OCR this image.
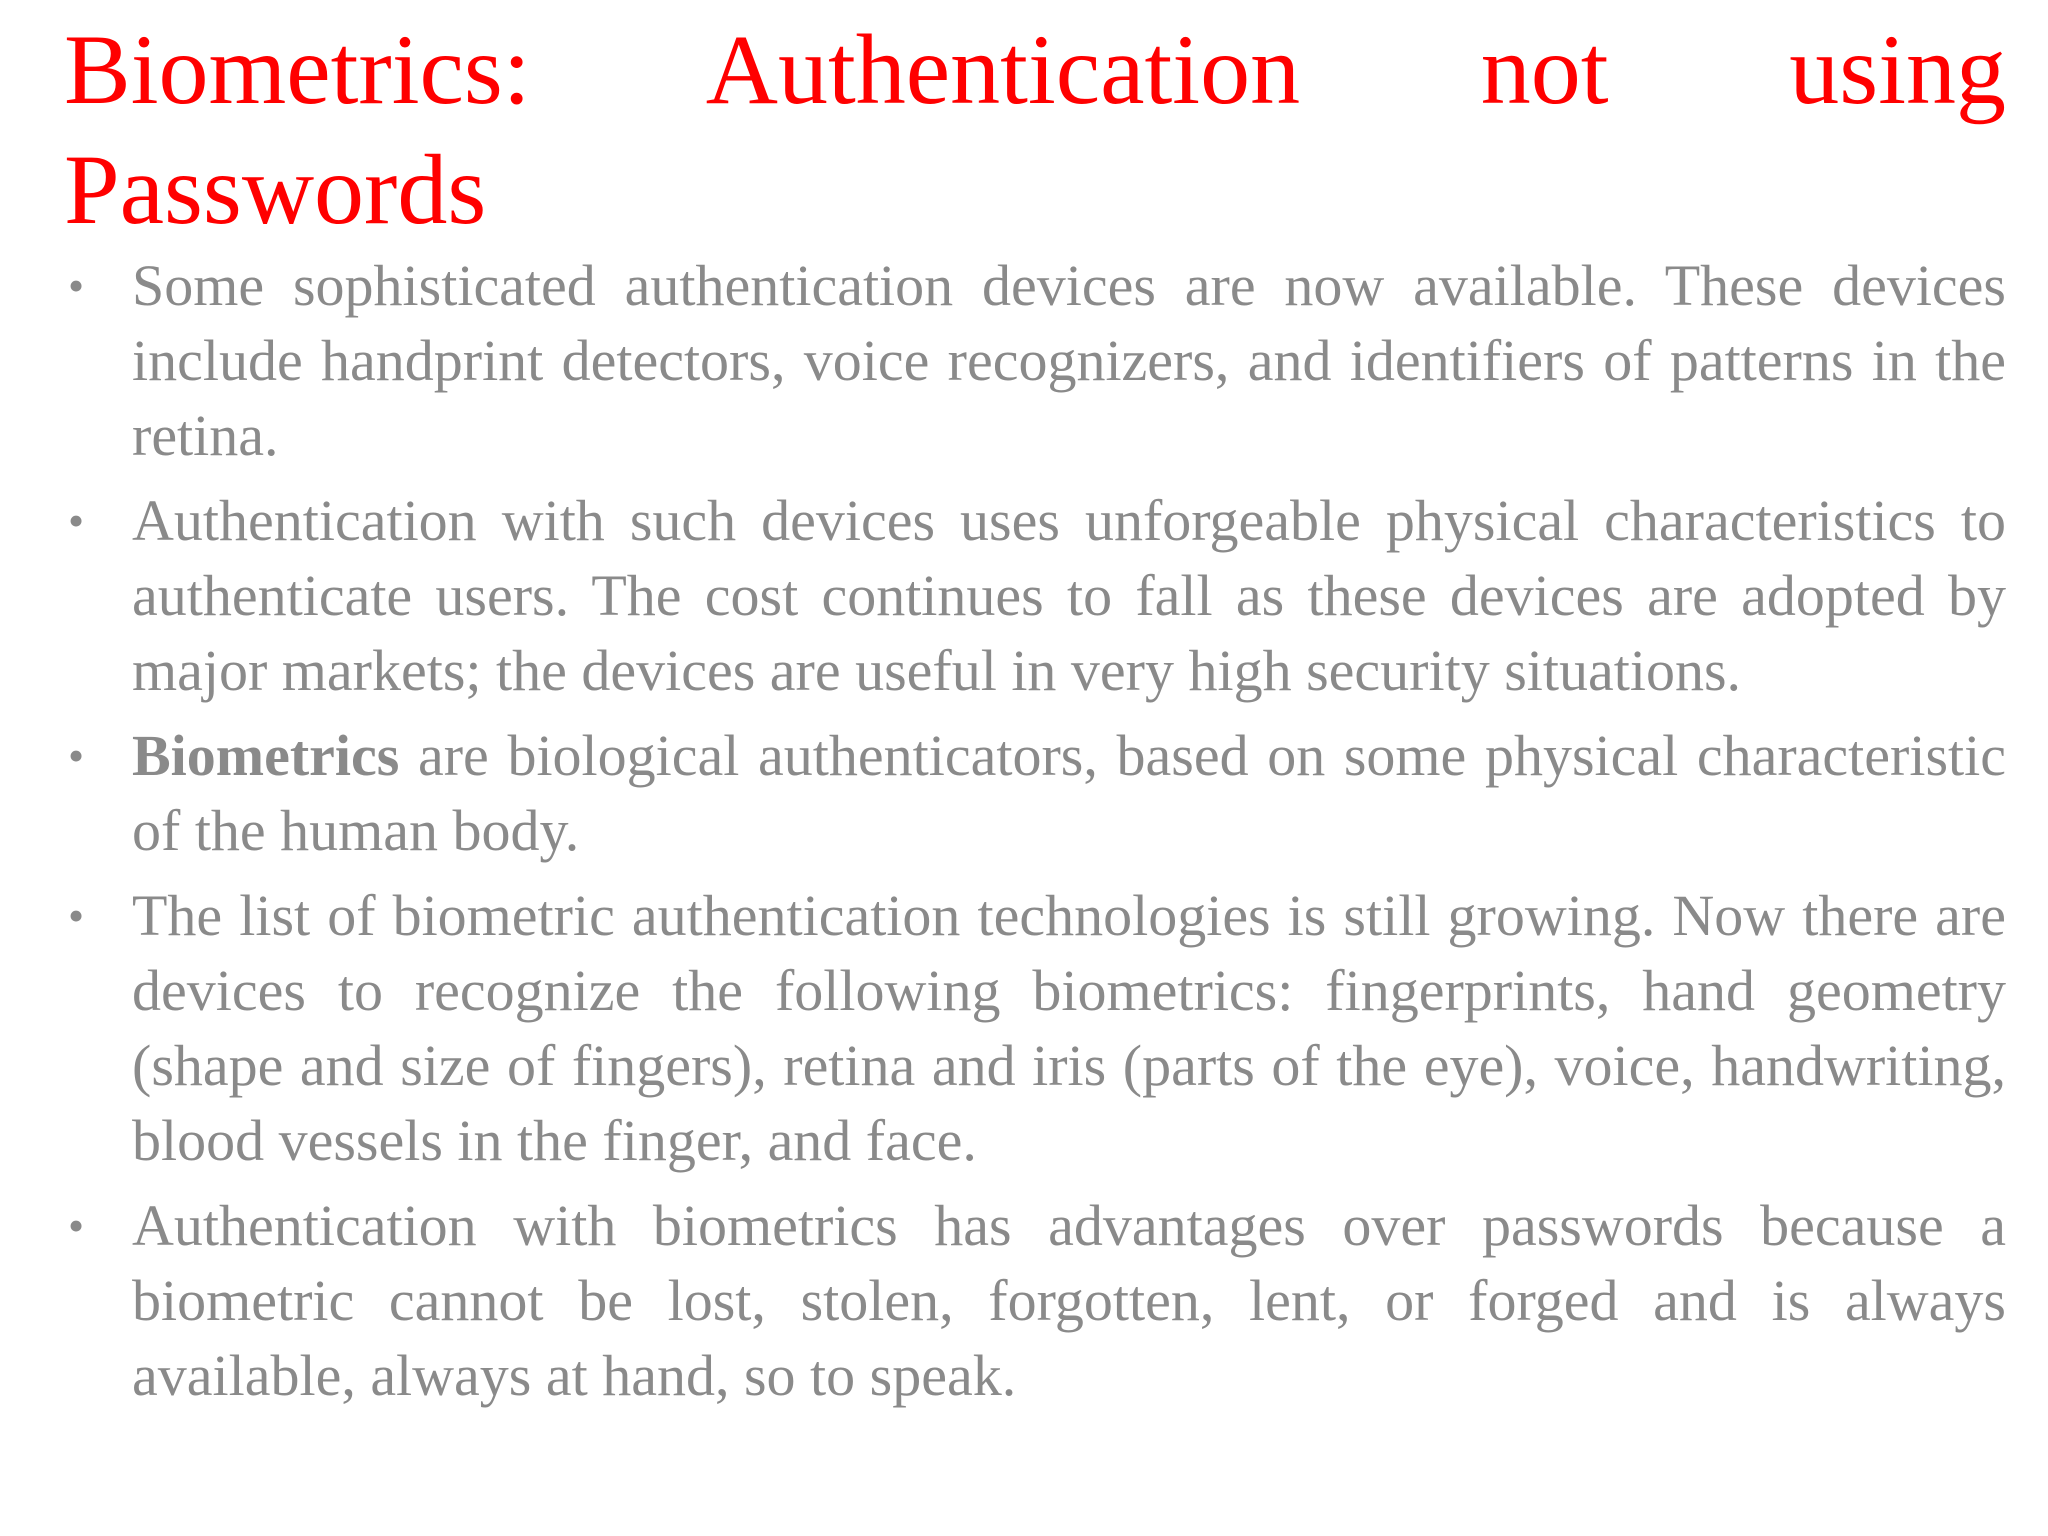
Biometrics: Authentication not using
Passwords
• Some sophisticated authentication devices are now available. These devices include handprint detectors, voice recognizers, and identifiers of patterns in the retina.
• Authentication with such devices uses unforgeable physical characteristics to authenticate users. The cost continues to fall as these devices are adopted by major markets; the devices are useful in very high security situations.
• Biometrics are biological authenticators, based on some physical characteristic of the human body.
• The list of biometric authentication technologies is still growing. Now there are devices to recognize the following biometrics: fingerprints, hand geometry (shape and size of fingers), retina and iris (parts of the eye), voice, handwriting, blood vessels in the finger, and face.
• Authentication with biometrics has advantages over passwords because a biometric cannot be lost, stolen, forgotten, lent, or forged and is always available, always at hand, so to speak.
